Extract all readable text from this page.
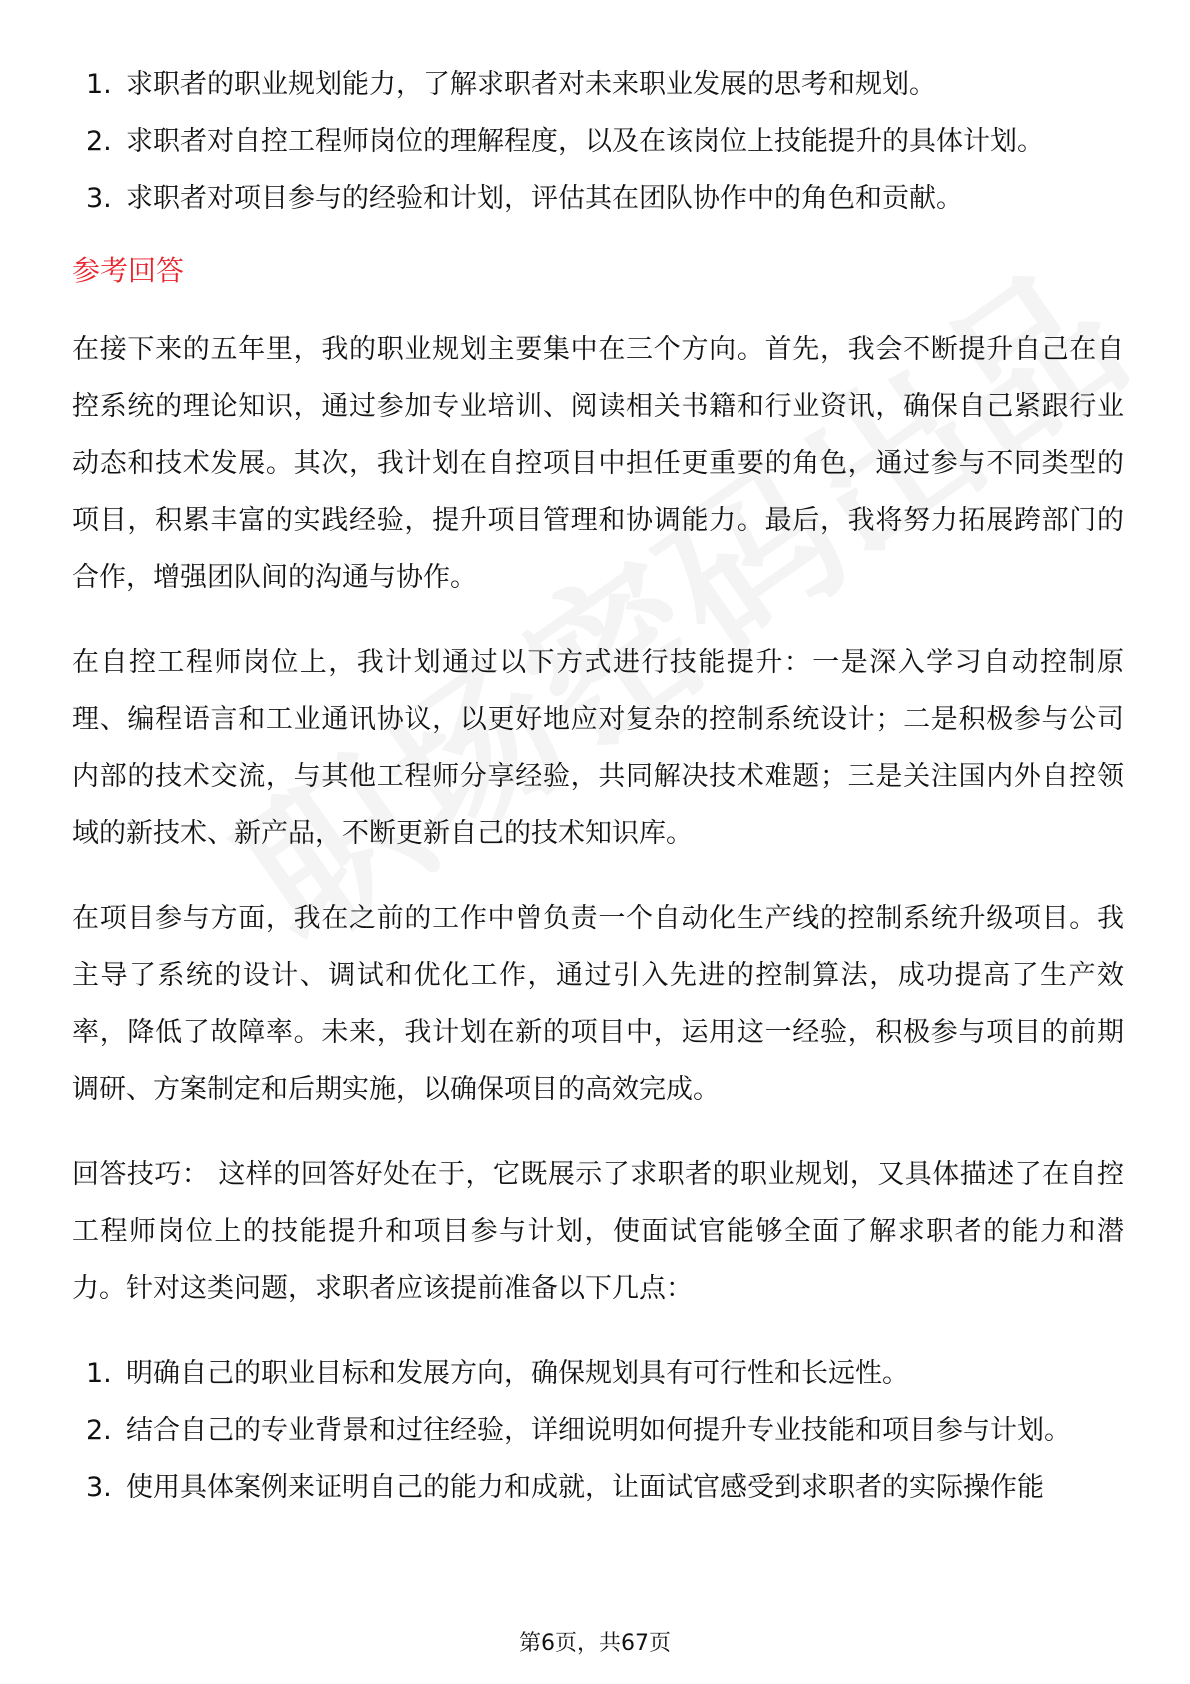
1. 求职者的职业规划能力，了解求职者对未来职业发展的思考和规划。
2. 求职者对自控工程师岗位的理解程度，以及在该岗位上技能提升的具体计划。
3. 求职者对项目参与的经验和计划，评估其在团队协作中的角色和贡献。
参考回答

在接下来的五年里，我的职业规划主要集中在三个方向。首先，我会不断提升自己在自控系统的理论知识，通过参加专业培训、阅读相关书籍和行业资讯，确保自己紧跟行业动态和技术发展。其次，我计划在自控项目中担任更重要的角色，通过参与不同类型的项目，积累丰富的实践经验，提升项目管理和协调能力。最后，我将努力拓展跨部门的合作，增强团队间的沟通与协作。

在自控工程师岗位上，我计划通过以下方式进行技能提升：一是深入学习自动控制原理、编程语言和工业通讯协议，以更好地应对复杂的控制系统设计；二是积极参与公司内部的技术交流，与其他工程师分享经验，共同解决技术难题；三是关注国内外自控领域的新技术、新产品，不断更新自己的技术知识库。

在项目参与方面，我在之前的工作中曾负责一个自动化生产线的控制系统升级项目。我主导了系统的设计、调试和优化工作，通过引入先进的控制算法，成功提高了生产效率，降低了故障率。未来，我计划在新的项目中，运用这一经验，积极参与项目的前期调研、方案制定和后期实施，以确保项目的高效完成。

回答技巧： 这样的回答好处在于，它既展示了求职者的职业规划，又具体描述了在自控工程师岗位上的技能提升和项目参与计划，使面试官能够全面了解求职者的能力和潜力。针对这类问题，求职者应该提前准备以下几点：

1. 明确自己的职业目标和发展方向，确保规划具有可行性和长远性。
2. 结合自己的专业背景和过往经验，详细说明如何提升专业技能和项目参与计划。
3. 使用具体案例来证明自己的能力和成就，让面试官感受到求职者的实际操作能
第6页，共67页
